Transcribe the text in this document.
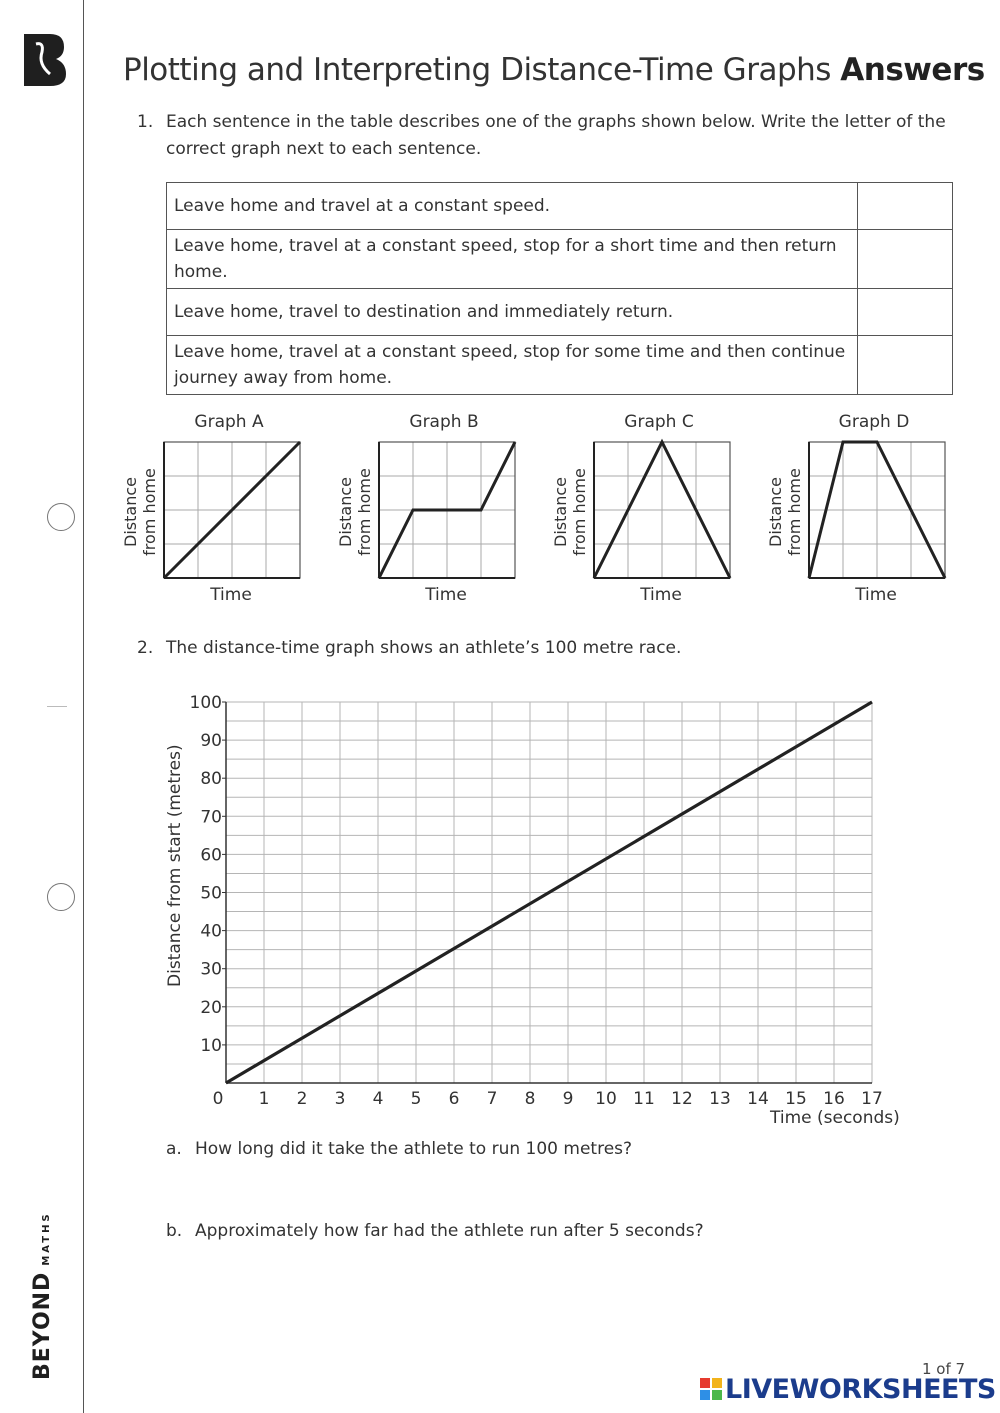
BEYONDMATHS
Plotting and Interpreting Distance-Time Graphs Answers
1. Each sentence in the table describes one of the graphs shown below. Write the letter of the correct graph next to each sentence.
Leave home and travel at a constant speed.	
Leave home, travel at a constant speed, stop for a short time and then return home.	
Leave home, travel to destination and immediately return.	
Leave home, travel at a constant speed, stop for some time and then continue journey away from home.	
Graph A	Graph B	Graph C	Graph D
Time	Time	Time	Time
Distance
from home	Distance
from home	Distance
from home	Distance
from home
2. The distance-time graph shows an athlete’s 100 metre race.
10
20
30
40
50
60
70
80
90
100
0 1 2 3 4 5 6 7 8 9 10 11 12 13 14 15 16 17
Distance from start (metres)
Time (seconds)
a. How long did it take the athlete to run 100 metres?
b. Approximately how far had the athlete run after 5 seconds?
1 of 7
LIVEWORKSHEETS
